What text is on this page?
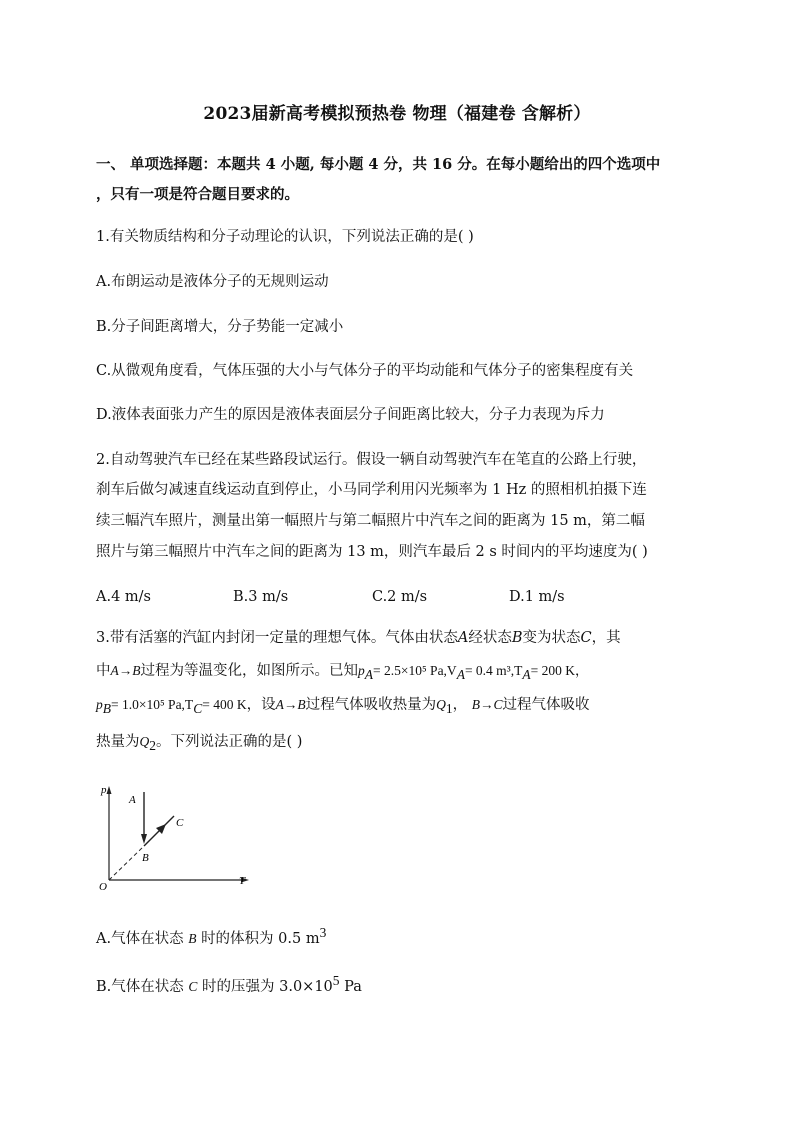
2023届新高考模拟预热卷 物理（福建卷 含解析）
一、 单项选择题：本题共 4 小题, 每小题 4 分，共 16 分。在每小题给出的四个选项中
，只有一项是符合题目要求的。
1.有关物质结构和分子动理论的认识，下列说法正确的是( )
A.布朗运动是液体分子的无规则运动
B.分子间距离增大，分子势能一定减小
C.从微观角度看，气体压强的大小与气体分子的平均动能和气体分子的密集程度有关
D.液体表面张力产生的原因是液体表面层分子间距离比较大，分子力表现为斥力
2.自动驾驶汽车已经在某些路段试运行。假设一辆自动驾驶汽车在笔直的公路上行驶，
刹车后做匀减速直线运动直到停止，小马同学利用闪光频率为 1 Hz 的照相机拍摄下连
续三幅汽车照片，测量出第一幅照片与第二幅照片中汽车之间的距离为 15 m，第二幅
照片与第三幅照片中汽车之间的距离为 13 m，则汽车最后 2 s 时间内的平均速度为( )
A.4 m/s	B.3 m/s	C.2 m/s	D.1 m/s
3.带有活塞的汽缸内封闭一定量的理想气体。气体由状态A经状态B变为状态C，其
中A→B过程为等温变化，如图所示。已知$p_A= 2.5\times 10^5$ $Pa,V_A= 0.4$ $m^3,T_A= 200$ K，
$p_B= 1.0\times 10^5$ $Pa,T_C= 400$ K，设A→B过程气体吸收热量为$Q_1$， B→C过程气体吸收
热量为$Q_2$。下列说法正确的是( )
p
T
O
A
B
C
A.气体在状态 B 时的体积为 0.5 $m^3$
B.气体在状态 C 时的压强为 $3.0\times 10^5$ Pa
